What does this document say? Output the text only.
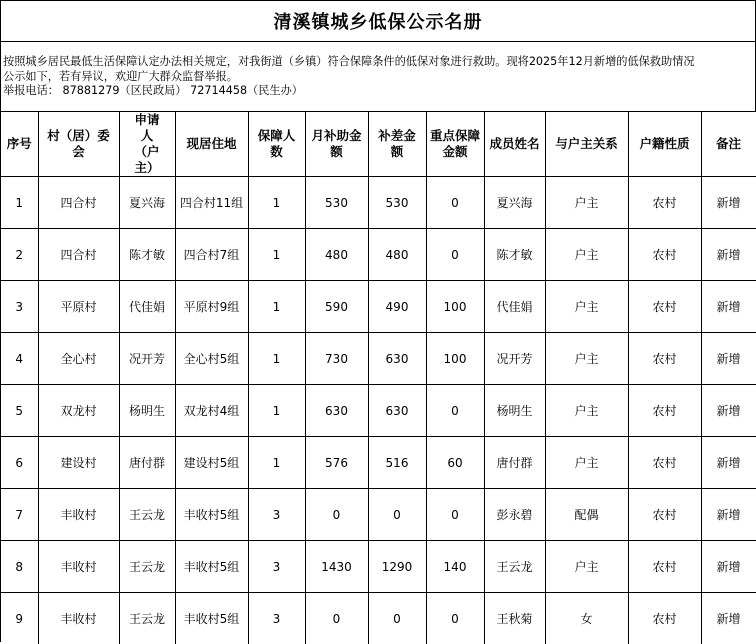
清溪镇城乡低保公示名册

按照城乡居民最低生活保障认定办法相关规定，对我街道（乡镇）符合保障条件的低保对象进行救助。现将2025年12月新增的低保救助情况

公示如下，若有异议，欢迎广大群众监督举报。

举报电话： 87881279（区民政局） 72714458（民生办）

序号	村（居）委会	申请人（户主）	现居住地	保障人数	月补助金额	补差金额	重点保障金额	成员姓名	与户主关系	户籍性质	备注
1	四合村	夏兴海	四合村11组	1	530	530	0	夏兴海	户主	农村	新增
2	四合村	陈才敏	四合村7组	1	480	480	0	陈才敏	户主	农村	新增
3	平原村	代佳娟	平原村9组	1	590	490	100	代佳娟	户主	农村	新增
4	全心村	况开芳	全心村5组	1	730	630	100	况开芳	户主	农村	新增
5	双龙村	杨明生	双龙村4组	1	630	630	0	杨明生	户主	农村	新增
6	建设村	唐付群	建设村5组	1	576	516	60	唐付群	户主	农村	新增
7	丰收村	王云龙	丰收村5组	3	0	0	0	彭永碧	配偶	农村	新增
8	丰收村	王云龙	丰收村5组	3	1430	1290	140	王云龙	户主	农村	新增
9	丰收村	王云龙	丰收村5组	3	0	0	0	王秋菊	女	农村	新增
